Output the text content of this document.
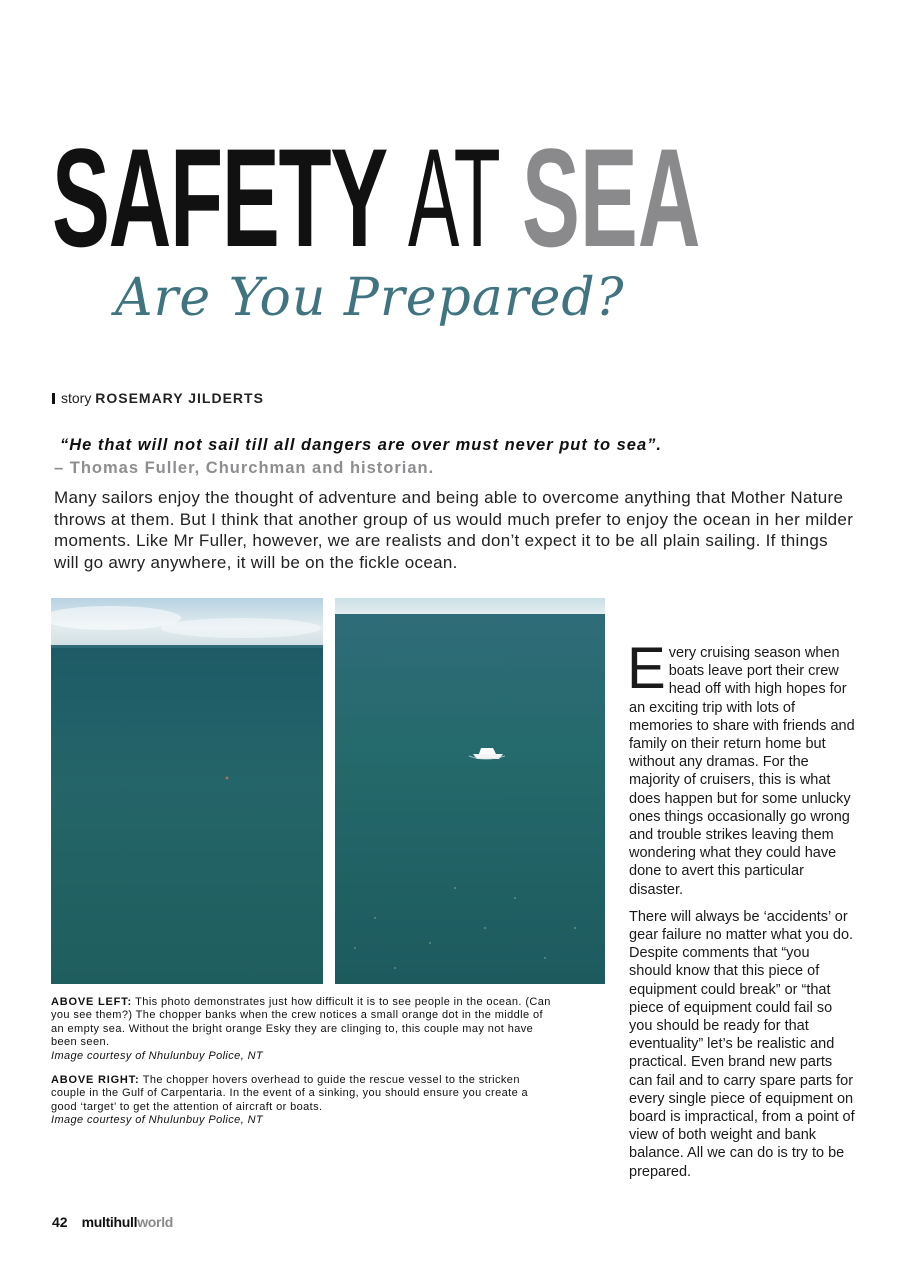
SAFETY AT SEA
Are You Prepared?
story ROSEMARY JILDERTS
“He that will not sail till all dangers are over must never put to sea”.
– Thomas Fuller, Churchman and historian.
Many sailors enjoy the thought of adventure and being able to overcome anything that Mother Nature throws at them. But I think that another group of us would much prefer to enjoy the ocean in her milder moments. Like Mr Fuller, however, we are realists and don’t expect it to be all plain sailing. If things will go awry anywhere, it will be on the fickle ocean.
ABOVE LEFT: This photo demonstrates just how difficult it is to see people in the ocean. (Can you see them?) The chopper banks when the crew notices a small orange dot in the middle of an empty sea. Without the bright orange Esky they are clinging to, this couple may not have been seen.
Image courtesy of Nhulunbuy Police, NT
ABOVE RIGHT: The chopper hovers overhead to guide the rescue vessel to the stricken couple in the Gulf of Carpentaria. In the event of a sinking, you should ensure you create a good ‘target’ to get the attention of aircraft or boats.
Image courtesy of Nhulunbuy Police, NT

Every cruising season when boats leave port their crew head off with high hopes for an exciting trip with lots of memories to share with friends and family on their return home but without any dramas. For the majority of cruisers, this is what does happen but for some unlucky ones things occasionally go wrong and trouble strikes leaving them wondering what they could have done to avert this particular disaster.

There will always be ‘accidents’ or gear failure no matter what you do. Despite comments that “you should know that this piece of equipment could break” or “that piece of equipment could fail so you should be ready for that eventuality” let’s be realistic and practical. Even brand new parts can fail and to carry spare parts for every single piece of equipment on board is impractical, from a point of view of both weight and bank balance. All we can do is try to be prepared.

42 multihullworld
